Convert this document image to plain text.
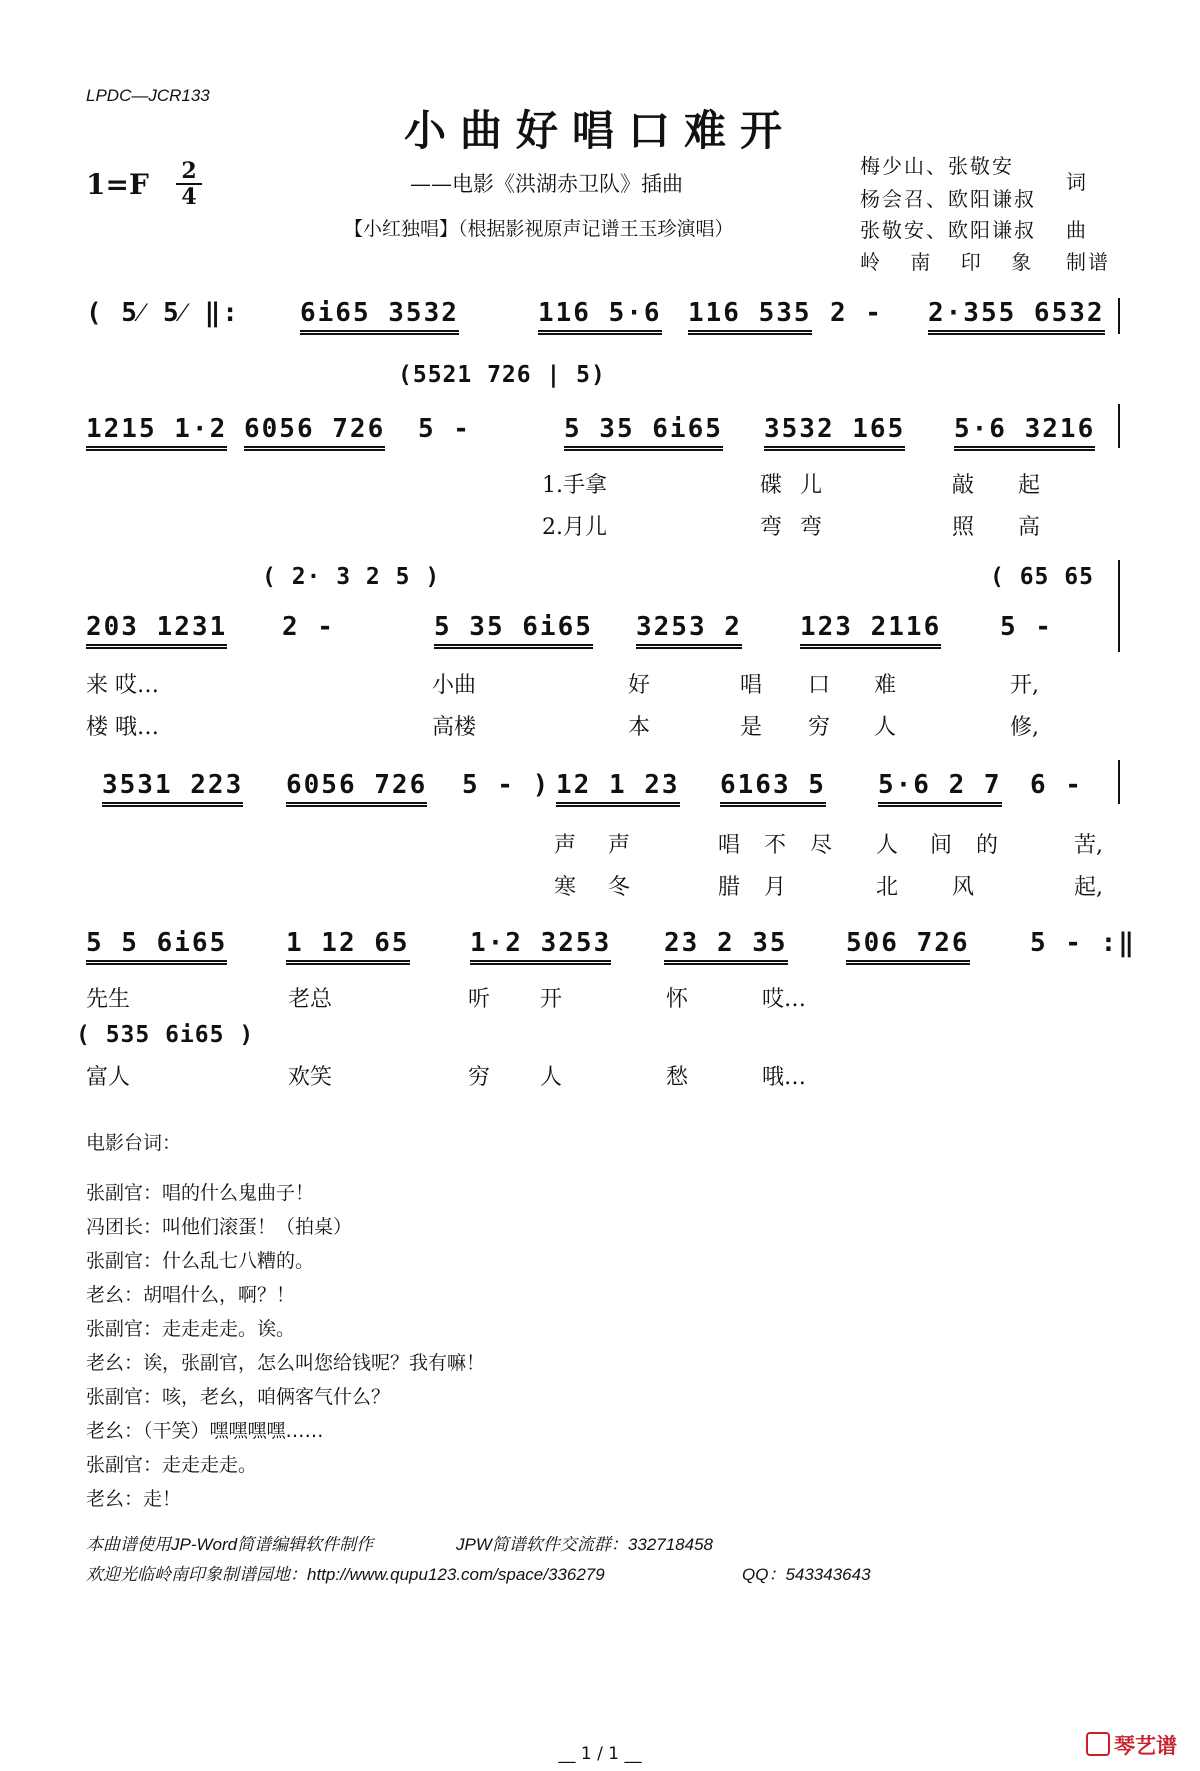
LPDC—JCR133
小曲好唱口难开
1=F 2
4	——电影《洪湖赤卫队》插曲
【小红独唱】（根据影视原声记谱王玉珍演唱）
梅少山、张敬安
词
杨会召、欧阳谦叔
张敬安、欧阳谦叔 曲
岭 南 印 象 制谱
( 5⁄ 5⁄ ‖: 6i65 3532	116 5·6 116 535 2 - 2·355 6532
(5521 726 | 5)
1215 1·2 6056 726 5 -	5 35 6i65 3532 165 5·6 3216
1.手拿	碟儿	敲 起
2.月儿	弯弯	照 高
( 2· 3 2 5 )	( 65 65
203 1231 2 -	5 35 6i65 3253 2 123 2116 5 -
来 哎…	小曲	好	唱 口 难	开,
楼 哦…	高楼	本	是 穷 人	修,
3531 223 6056 726 5 - ) 12 1 23 6163 5 5·6 2 7 6 -
声 声	唱 不 尽 人 间 的	苦,
寒 冬	腊 月	北 风	起,
5 5 6i65 1 12 65 1·2 3253 23 2 35 506 726 5 - :‖
先生	老总	听 开	怀	哎…
( 535 6i65 )
富人	欢笑	穷 人	愁	哦…
电影台词：
张副官：唱的什么鬼曲子！
冯团长：叫他们滚蛋！（拍桌）
张副官：什么乱七八糟的。
老幺：胡唱什么，啊？！
张副官：走走走走。诶。
老幺：诶，张副官，怎么叫您给钱呢？我有嘛！
张副官：咳，老幺，咱俩客气什么？
老幺：（干笑）嘿嘿嘿嘿……
张副官：走走走走。
老幺：走！
本曲谱使用JP-Word简谱编辑软件制作	JPW简谱软件交流群：332718458
欢迎光临岭南印象制谱园地：http://www.qupu123.com/space/336279	QQ：543343643
__ 1 / 1 __	琴艺谱
